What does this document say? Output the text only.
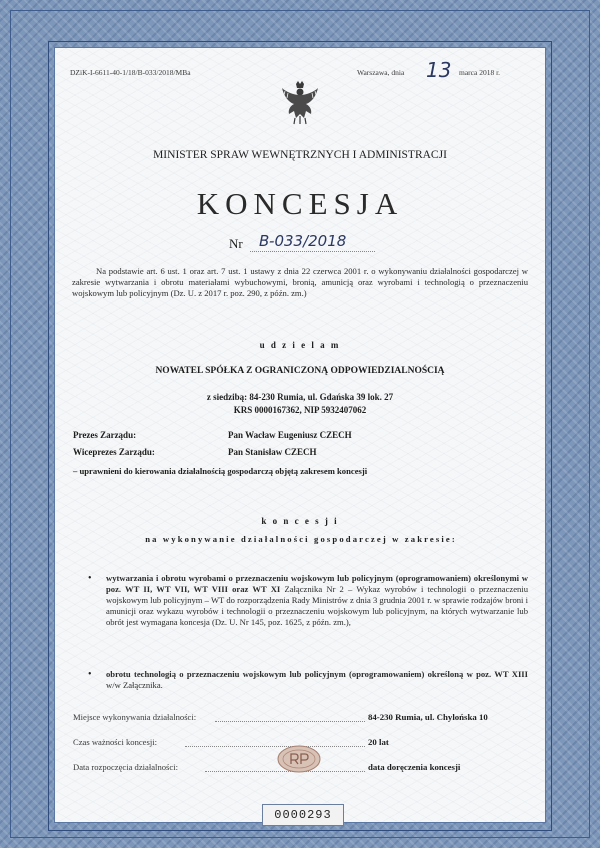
DZiK-I-6611-40-1/18/B-033/2018/MBa	Warszawa, dnia 13 marca 2018 r.
MINISTER SPRAW WEWNĘTRZNYCH I ADMINISTRACJI
KONCESJA
Nr B-033/2018
Na podstawie art. 6 ust. 1 oraz art. 7 ust. 1 ustawy z dnia 22 czerwca 2001 r. o wykonywaniu działalności gospodarczej w zakresie wytwarzania i obrotu materiałami wybuchowymi, bronią, amunicją oraz wyrobami i technologią o przeznaczeniu wojskowym lub policyjnym (Dz. U. z 2017 r. poz. 290, z późn. zm.)
u d z i e l a m
NOWATEL SPÓŁKA Z OGRANICZONĄ ODPOWIEDZIALNOŚCIĄ
z siedzibą: 84-230 Rumia, ul. Gdańska 39 lok. 27
KRS 0000167362, NIP 5932407062
Prezes Zarządu:	Pan Wacław Eugeniusz CZECH
Wiceprezes Zarządu:	Pan Stanisław CZECH
– uprawnieni do kierowania działalnością gospodarczą objętą zakresem koncesji
k o n c e s j i
n a   w y k o n y w a n i e   d z i a ł a l n o ś c i   g o s p o d a r c z e j   w   z a k r e s i e :
• wytwarzania i obrotu wyrobami o przeznaczeniu wojskowym lub policyjnym (oprogramowaniem) określonymi w poz. WT II, WT VII, WT VIII oraz WT XI Załącznika Nr 2 – Wykaz wyrobów i technologii o przeznaczeniu wojskowym lub policyjnym – WT do rozporządzenia Rady Ministrów z dnia 3 grudnia 2001 r. w sprawie rodzajów broni i amunicji oraz wykazu wyrobów i technologii o przeznaczeniu wojskowym lub policyjnym, na których wytwarzanie lub obrót jest wymagana koncesja (Dz. U. Nr 145, poz. 1625, z późn. zm.),
• obrotu technologią o przeznaczeniu wojskowym lub policyjnym (oprogramowaniem) określoną w poz. WT XIII w/w Załącznika.
Miejsce wykonywania działalności:	84-230 Rumia, ul. Chylońska 10
Czas ważności koncesji:	20 lat
Data rozpoczęcia działalności:	data doręczenia koncesji
0000293
